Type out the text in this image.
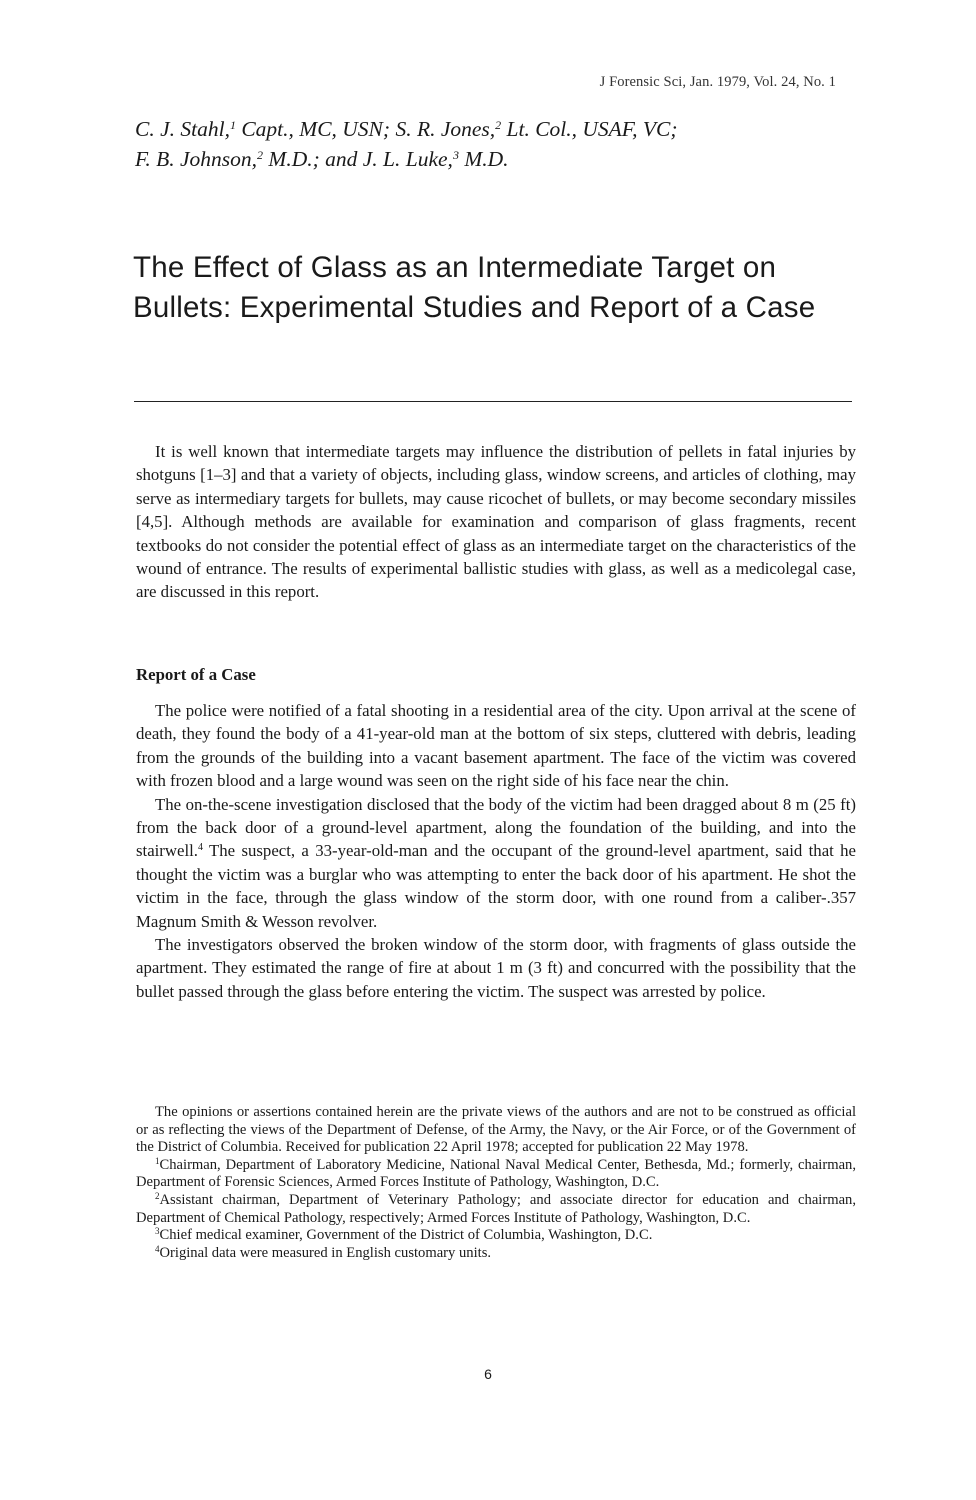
J Forensic Sci, Jan. 1979, Vol. 24, No. 1
C. J. Stahl,$^1$ Capt., MC, USN; S. R. Jones,$^2$ Lt. Col., USAF, VC;
F. B. Johnson,$^2$ M.D.; and J. L. Luke,$^3$ M.D.
The Effect of Glass as an Intermediate Target on
Bullets: Experimental Studies and Report of a Case

It is well known that intermediate targets may influence the distribution of pellets in fatal injuries by shotguns [1–3] and that a variety of objects, including glass, window screens, and articles of clothing, may serve as intermediary targets for bullets, may cause ricochet of bullets, or may become secondary missiles [4,5]. Although methods are available for examination and comparison of glass fragments, recent textbooks do not consider the potential effect of glass as an intermediate target on the characteristics of the wound of entrance. The results of experimental ballistic studies with glass, as well as a medicolegal case, are discussed in this report.

Report of a Case

The police were notified of a fatal shooting in a residential area of the city. Upon arrival at the scene of death, they found the body of a 41-year-old man at the bottom of six steps, cluttered with debris, leading from the grounds of the building into a vacant basement apartment. The face of the victim was covered with frozen blood and a large wound was seen on the right side of his face near the chin.

The on-the-scene investigation disclosed that the body of the victim had been dragged about 8 m (25 ft) from the back door of a ground-level apartment, along the foundation of the building, and into the stairwell.$^4$ The suspect, a 33-year-old-man and the occupant of the ground-level apartment, said that he thought the victim was a burglar who was attempting to enter the back door of his apartment. He shot the victim in the face, through the glass window of the storm door, with one round from a caliber-.357 Magnum Smith & Wesson revolver.

The investigators observed the broken window of the storm door, with fragments of glass outside the apartment. They estimated the range of fire at about 1 m (3 ft) and concurred with the possibility that the bullet passed through the glass before entering the victim. The suspect was arrested by police.

The opinions or assertions contained herein are the private views of the authors and are not to be construed as official or as reflecting the views of the Department of Defense, of the Army, the Navy, or the Air Force, or of the Government of the District of Columbia. Received for publication 22 April 1978; accepted for publication 22 May 1978.

$^1$Chairman, Department of Laboratory Medicine, National Naval Medical Center, Bethesda, Md.; formerly, chairman, Department of Forensic Sciences, Armed Forces Institute of Pathology, Washington, D.C.

$^2$Assistant chairman, Department of Veterinary Pathology; and associate director for education and chairman, Department of Chemical Pathology, respectively; Armed Forces Institute of Pathology, Washington, D.C.

$^3$Chief medical examiner, Government of the District of Columbia, Washington, D.C.

$^4$Original data were measured in English customary units.

6
